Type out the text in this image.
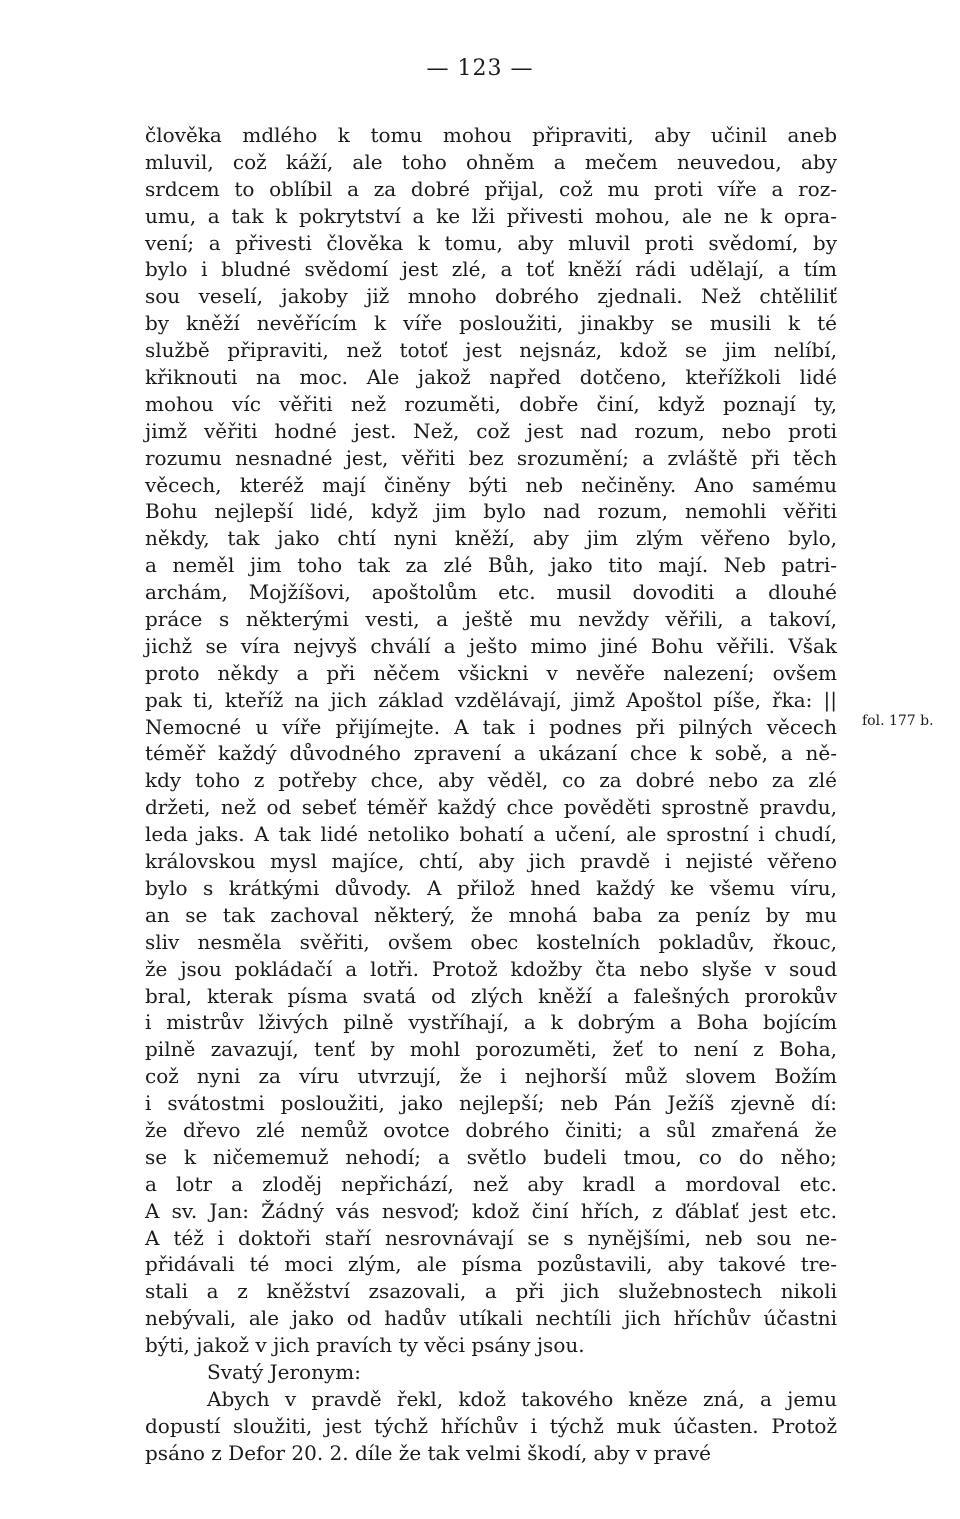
— 123 —
člověka mdlého k tomu mohou připraviti, aby učinil aneb
mluvil, což káží, ale toho ohněm a mečem neuvedou, aby
srdcem to oblíbil a za dobré přijal, což mu proti víře a roz-
umu, a tak k pokrytství a ke lži přivesti mohou, ale ne k opra-
vení; a přivesti člověka k tomu, aby mluvil proti svědomí, by
bylo i bludné svědomí jest zlé, a toť kněží rádi udělají, a tím
sou veselí, jakoby již mnoho dobrého zjednali. Než chtěliliť
by kněží nevěřícím k víře posloužiti, jinakby se musili k té
službě připraviti, než totoť jest nejsnáz, kdož se jim nelíbí,
křiknouti na moc. Ale jakož napřed dotčeno, kteřížkoli lidé
mohou víc věřiti než rozuměti, dobře činí, když poznají ty,
jimž věřiti hodné jest. Než, což jest nad rozum, nebo proti
rozumu nesnadné jest, věřiti bez srozumění; a zvláště při těch
věcech, kteréž mají činěny býti neb nečiněny. Ano samému
Bohu nejlepší lidé, když jim bylo nad rozum, nemohli věřiti
někdy, tak jako chtí nyni kněží, aby jim zlým věřeno bylo,
a neměl jim toho tak za zlé Bůh, jako tito mají. Neb patri-
archám, Mojžíšovi, apoštolům etc. musil dovoditi a dlouhé
práce s některými vesti, a ještě mu nevždy věřili, a takoví,
jichž se víra nejvyš chválí a ješto mimo jiné Bohu věřili. Však
proto někdy a při něčem všickni v nevěře nalezení; ovšem
pak ti, kteříž na jich základ vzdělávají, jimž Apoštol píše, řka: ||
Nemocné u víře přijímejte. A tak i podnes při pilných věcech
téměř každý důvodného zpravení a ukázaní chce k sobě, a ně-
kdy toho z potřeby chce, aby věděl, co za dobré nebo za zlé
držeti, než od sebeť téměř každý chce pověděti sprostně pravdu,
leda jaks. A tak lidé netoliko bohatí a učení, ale sprostní i chudí,
královskou mysl majíce, chtí, aby jich pravdě i nejisté věřeno
bylo s krátkými důvody. A přilož hned každý ke všemu víru,
an se tak zachoval některý, že mnohá baba za peníz by mu
sliv nesměla svěřiti, ovšem obec kostelních pokladův, řkouc,
že jsou pokládačí a lotři. Protož kdožby čta nebo slyše v soud
bral, kterak písma svatá od zlých kněží a falešných prorokův
i mistrův lživých pilně vystříhají, a k dobrým a Boha bojícím
pilně zavazují, tenť by mohl porozuměti, žeť to není z Boha,
což nyni za víru utvrzují, že i nejhorší můž slovem Božím
i svátostmi posloužiti, jako nejlepší; neb Pán Ježíš zjevně dí:
že dřevo zlé nemůž ovotce dobrého činiti; a sůl zmařená že
se k ničememuž nehodí; a světlo budeli tmou, co do něho;
a lotr a zloděj nepřichází, než aby kradl a mordoval etc.
A sv. Jan: Žádný vás nesvoď; kdož činí hřích, z ďáblať jest etc.
A též i doktoři staří nesrovnávají se s nynějšími, neb sou ne-
přidávali té moci zlým, ale písma pozůstavili, aby takové tre-
stali a z kněžství zsazovali, a při jich služebnostech nikoli
nebývali, ale jako od hadův utíkali nechtíli jich hříchův účastni
býti, jakož v jich pravích ty věci psány jsou.
Svatý Jeronym:
Abych v pravdě řekl, kdož takového kněze zná, a jemu
dopustí sloužiti, jest týchž hříchův i týchž muk účasten. Protož
psáno z Defor 20. 2. díle že tak velmi škodí, aby v pravé
fol. 177 b.
